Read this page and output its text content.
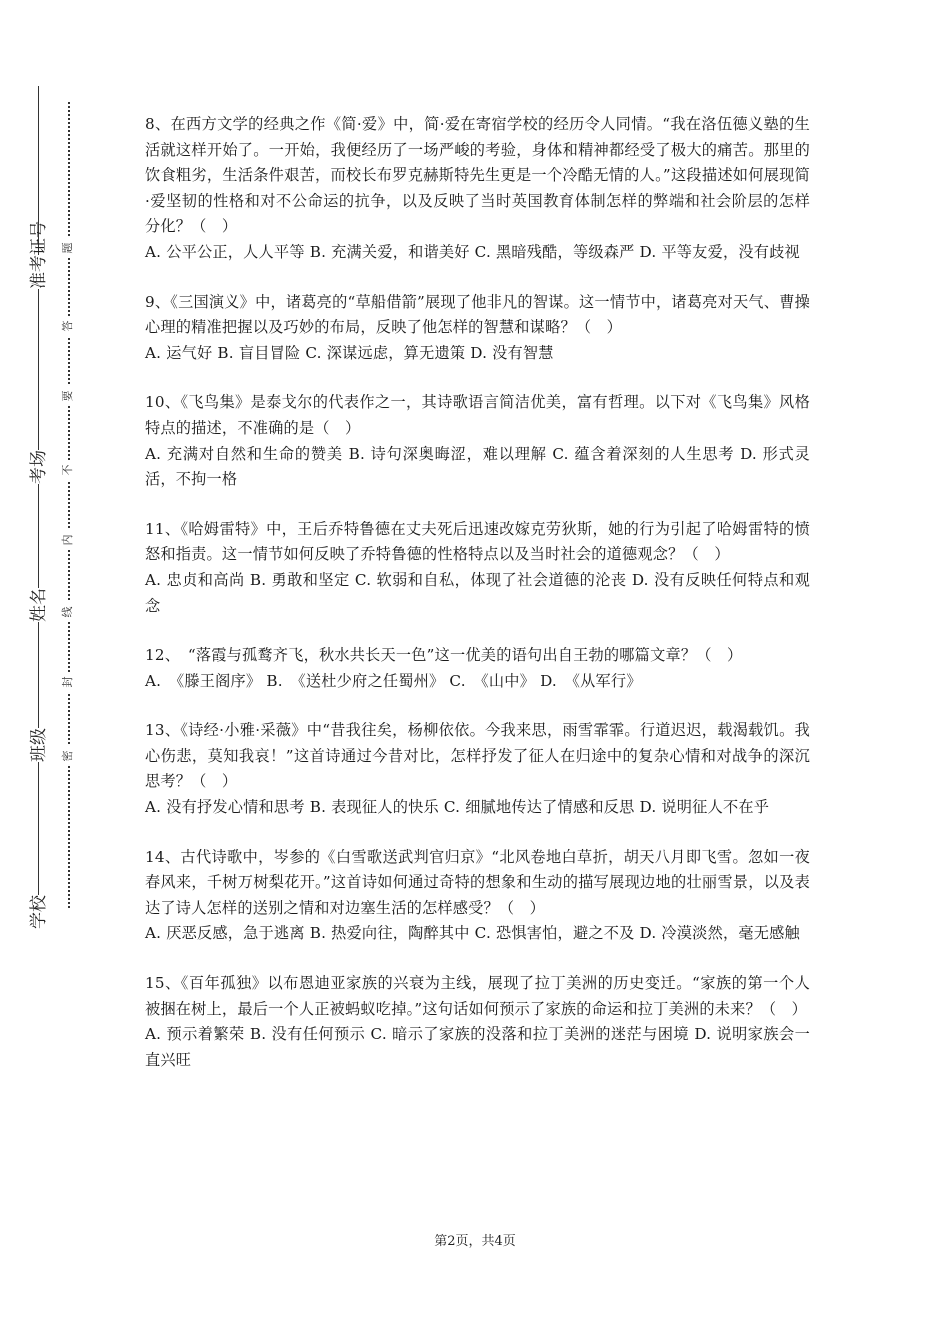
准考证号
考场
姓名
班级
学校
题
答
要
不
内
线
封
密

8、在西方文学的经典之作《简·爱》中，简·爱在寄宿学校的经历令人同情。“我在洛伍德义塾的生活就这样开始了。一开始，我便经历了一场严峻的考验，身体和精神都经受了极大的痛苦。那里的饮食粗劣，生活条件艰苦，而校长布罗克赫斯特先生更是一个冷酷无情的人。”这段描述如何展现简·爱坚韧的性格和对不公命运的抗争，以及反映了当时英国教育体制怎样的弊端和社会阶层的怎样分化？（　）

A. 公平公正，人人平等 B. 充满关爱，和谐美好 C. 黑暗残酷，等级森严 D. 平等友爱，没有歧视

9、《三国演义》中，诸葛亮的“草船借箭”展现了他非凡的智谋。这一情节中，诸葛亮对天气、曹操心理的精准把握以及巧妙的布局，反映了他怎样的智慧和谋略？（　）

A. 运气好 B. 盲目冒险 C. 深谋远虑，算无遗策 D. 没有智慧

10、《飞鸟集》是泰戈尔的代表作之一，其诗歌语言简洁优美，富有哲理。以下对《飞鸟集》风格特点的描述，不准确的是（　）

A. 充满对自然和生命的赞美 B. 诗句深奥晦涩，难以理解 C. 蕴含着深刻的人生思考 D. 形式灵活，不拘一格

11、《哈姆雷特》中，王后乔特鲁德在丈夫死后迅速改嫁克劳狄斯，她的行为引起了哈姆雷特的愤怒和指责。这一情节如何反映了乔特鲁德的性格特点以及当时社会的道德观念？（　）

A. 忠贞和高尚 B. 勇敢和坚定 C. 软弱和自私，体现了社会道德的沦丧 D. 没有反映任何特点和观念

12、　“落霞与孤鹜齐飞，秋水共长天一色”这一优美的语句出自王勃的哪篇文章？（　）

A.　《滕王阁序》 B.　《送杜少府之任蜀州》 C.　《山中》 D.　《从军行》

13、《诗经·小雅·采薇》中“昔我往矣，杨柳依依。今我来思，雨雪霏霏。行道迟迟，载渴载饥。我心伤悲，莫知我哀！”这首诗通过今昔对比，怎样抒发了征人在归途中的复杂心情和对战争的深沉思考？（　）

A. 没有抒发心情和思考 B. 表现征人的快乐 C. 细腻地传达了情感和反思 D. 说明征人不在乎

14、古代诗歌中，岑参的《白雪歌送武判官归京》“北风卷地白草折，胡天八月即飞雪。忽如一夜春风来，千树万树梨花开。”这首诗如何通过奇特的想象和生动的描写展现边地的壮丽雪景，以及表达了诗人怎样的送别之情和对边塞生活的怎样感受？（　）

A. 厌恶反感，急于逃离 B. 热爱向往，陶醉其中 C. 恐惧害怕，避之不及 D. 冷漠淡然，毫无感触

15、《百年孤独》以布恩迪亚家族的兴衰为主线，展现了拉丁美洲的历史变迁。“家族的第一个人被捆在树上，最后一个人正被蚂蚁吃掉。”这句话如何预示了家族的命运和拉丁美洲的未来？（　）

A. 预示着繁荣 B. 没有任何预示 C. 暗示了家族的没落和拉丁美洲的迷茫与困境 D. 说明家族会一直兴旺

第2页，共4页
